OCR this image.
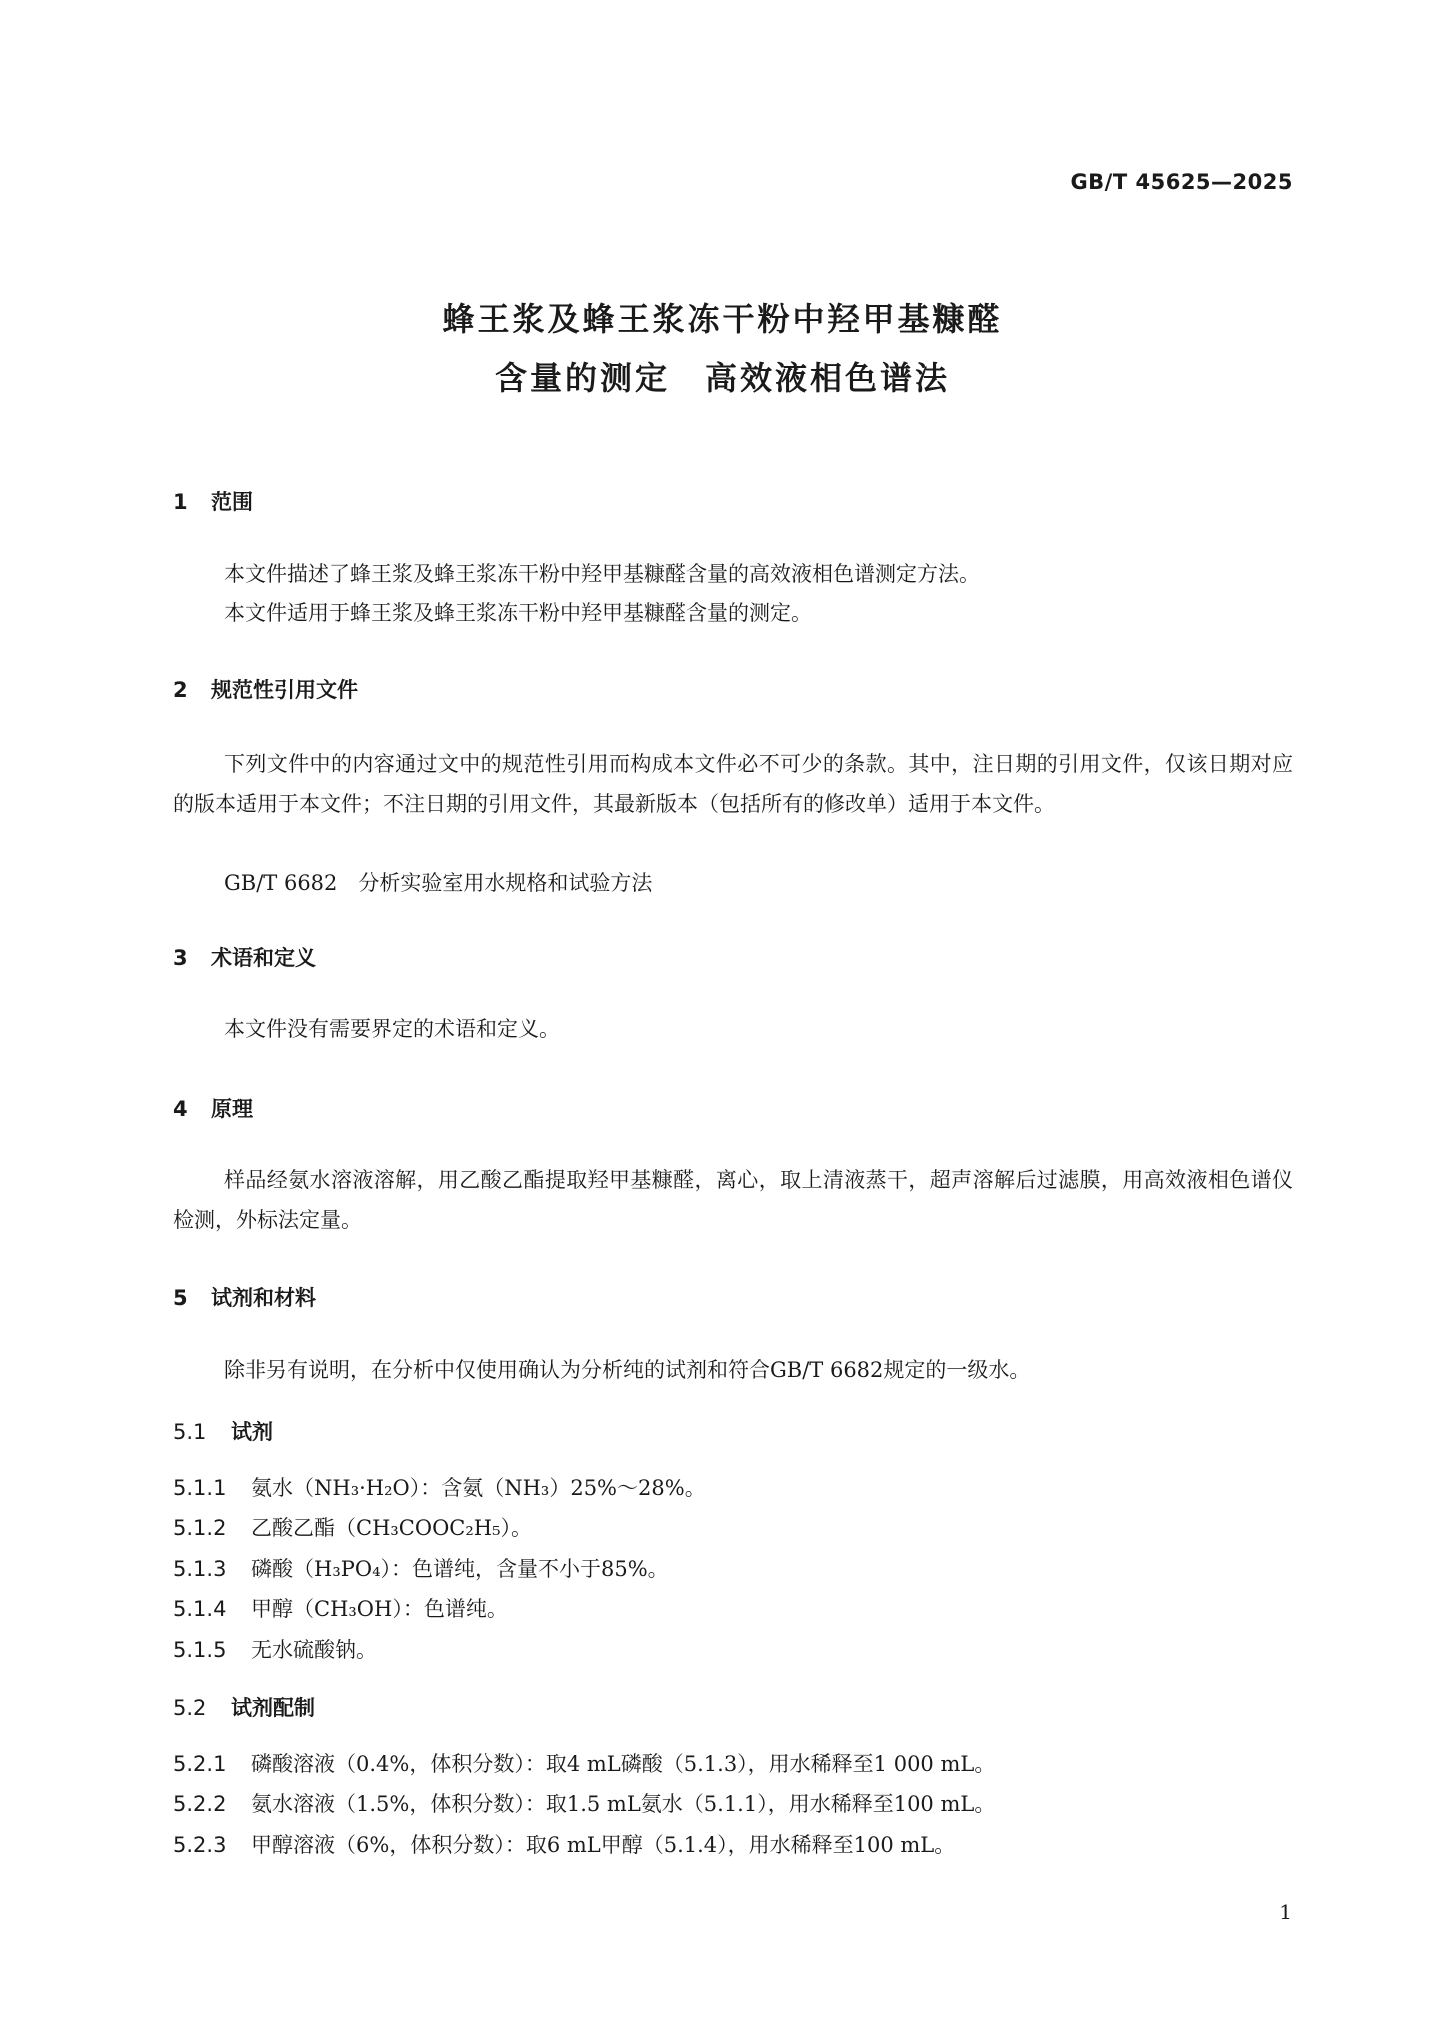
GB/T 45625—2025
蜂王浆及蜂王浆冻干粉中羟甲基糠醛
含量的测定　高效液相色谱法
1 范围
本文件描述了蜂王浆及蜂王浆冻干粉中羟甲基糠醛含量的高效液相色谱测定方法。
本文件适用于蜂王浆及蜂王浆冻干粉中羟甲基糠醛含量的测定。
2 规范性引用文件
下列文件中的内容通过文中的规范性引用而构成本文件必不可少的条款。其中，注日期的引用文件，仅该日期对应的版本适用于本文件；不注日期的引用文件，其最新版本（包括所有的修改单）适用于本文件。
GB/T 6682　分析实验室用水规格和试验方法
3 术语和定义
本文件没有需要界定的术语和定义。
4 原理
样品经氨水溶液溶解，用乙酸乙酯提取羟甲基糠醛，离心，取上清液蒸干，超声溶解后过滤膜，用高效液相色谱仪检测，外标法定量。
5 试剂和材料
除非另有说明，在分析中仅使用确认为分析纯的试剂和符合GB/T 6682规定的一级水。
5.1 试剂
5.1.1 氨水（NH₃·H₂O）：含氨（NH₃）25%～28%。
5.1.2 乙酸乙酯（CH₃COOC₂H₅）。
5.1.3 磷酸（H₃PO₄）：色谱纯，含量不小于85%。
5.1.4 甲醇（CH₃OH）：色谱纯。
5.1.5 无水硫酸钠。
5.2 试剂配制
5.2.1 磷酸溶液（0.4%，体积分数）：取4 mL磷酸（5.1.3），用水稀释至1 000 mL。
5.2.2 氨水溶液（1.5%，体积分数）：取1.5 mL氨水（5.1.1），用水稀释至100 mL。
5.2.3 甲醇溶液（6%，体积分数）：取6 mL甲醇（5.1.4），用水稀释至100 mL。
1
